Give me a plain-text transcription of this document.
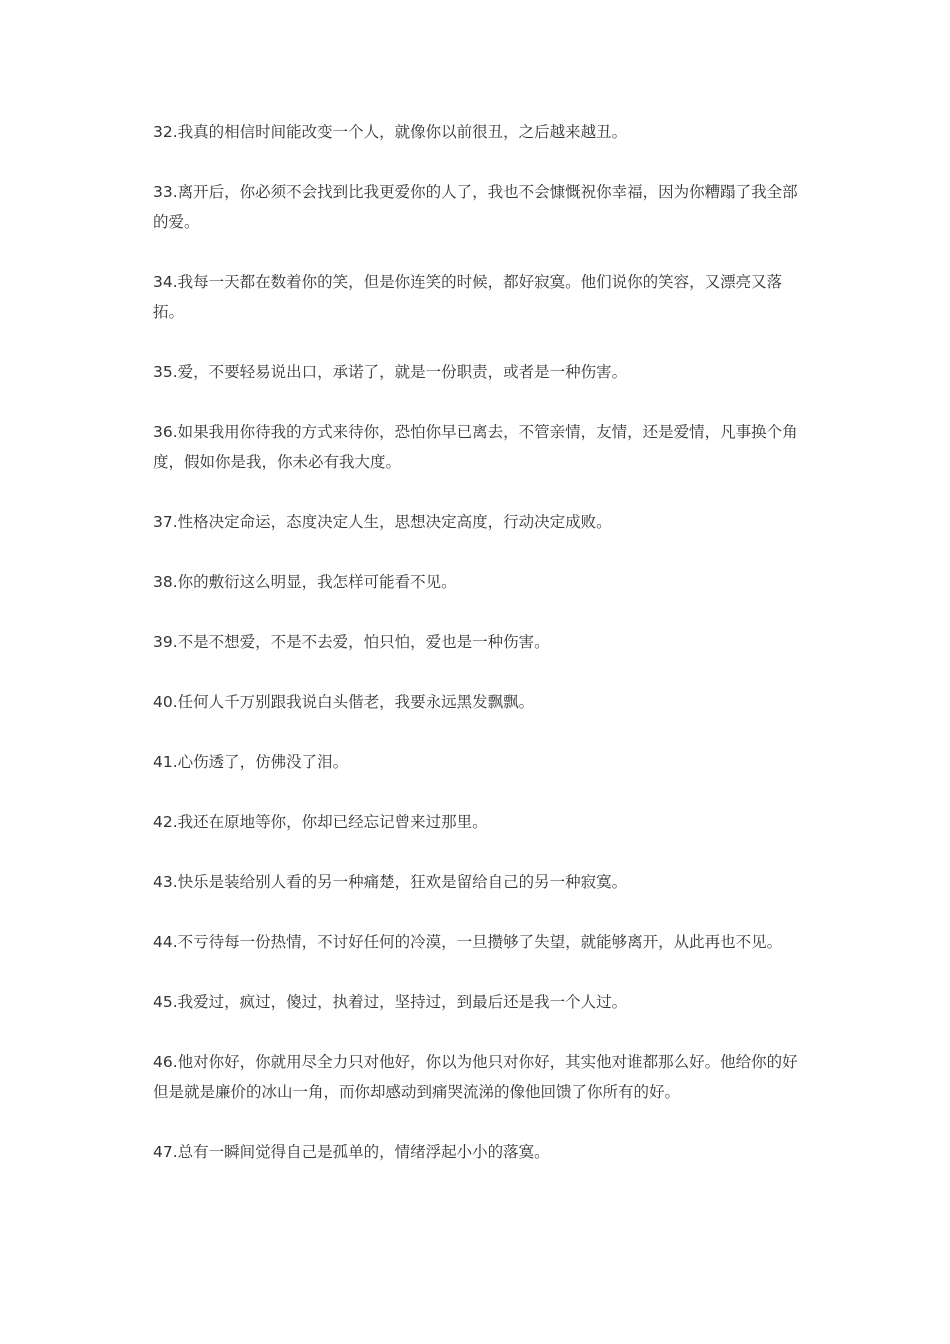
32.我真的相信时间能改变一个人，就像你以前很丑，之后越来越丑。

33.离开后，你必须不会找到比我更爱你的人了，我也不会慷慨祝你幸福，因为你糟蹋了我全部的爱。

34.我每一天都在数着你的笑，但是你连笑的时候，都好寂寞。他们说你的笑容，又漂亮又落拓。

35.爱，不要轻易说出口，承诺了，就是一份职责，或者是一种伤害。

36.如果我用你待我的方式来待你，恐怕你早已离去，不管亲情，友情，还是爱情，凡事换个角度，假如你是我，你未必有我大度。

37.性格决定命运，态度决定人生，思想决定高度，行动决定成败。

38.你的敷衍这么明显，我怎样可能看不见。

39.不是不想爱，不是不去爱，怕只怕，爱也是一种伤害。

40.任何人千万别跟我说白头偕老，我要永远黑发飘飘。

41.心伤透了，仿佛没了泪。

42.我还在原地等你，你却已经忘记曾来过那里。

43.快乐是装给别人看的另一种痛楚，狂欢是留给自己的另一种寂寞。

44.不亏待每一份热情，不讨好任何的冷漠，一旦攒够了失望，就能够离开，从此再也不见。

45.我爱过，疯过，傻过，执着过，坚持过，到最后还是我一个人过。

46.他对你好，你就用尽全力只对他好，你以为他只对你好，其实他对谁都那么好。他给你的好但是就是廉价的冰山一角，而你却感动到痛哭流涕的像他回馈了你所有的好。

47.总有一瞬间觉得自己是孤单的，情绪浮起小小的落寞。
